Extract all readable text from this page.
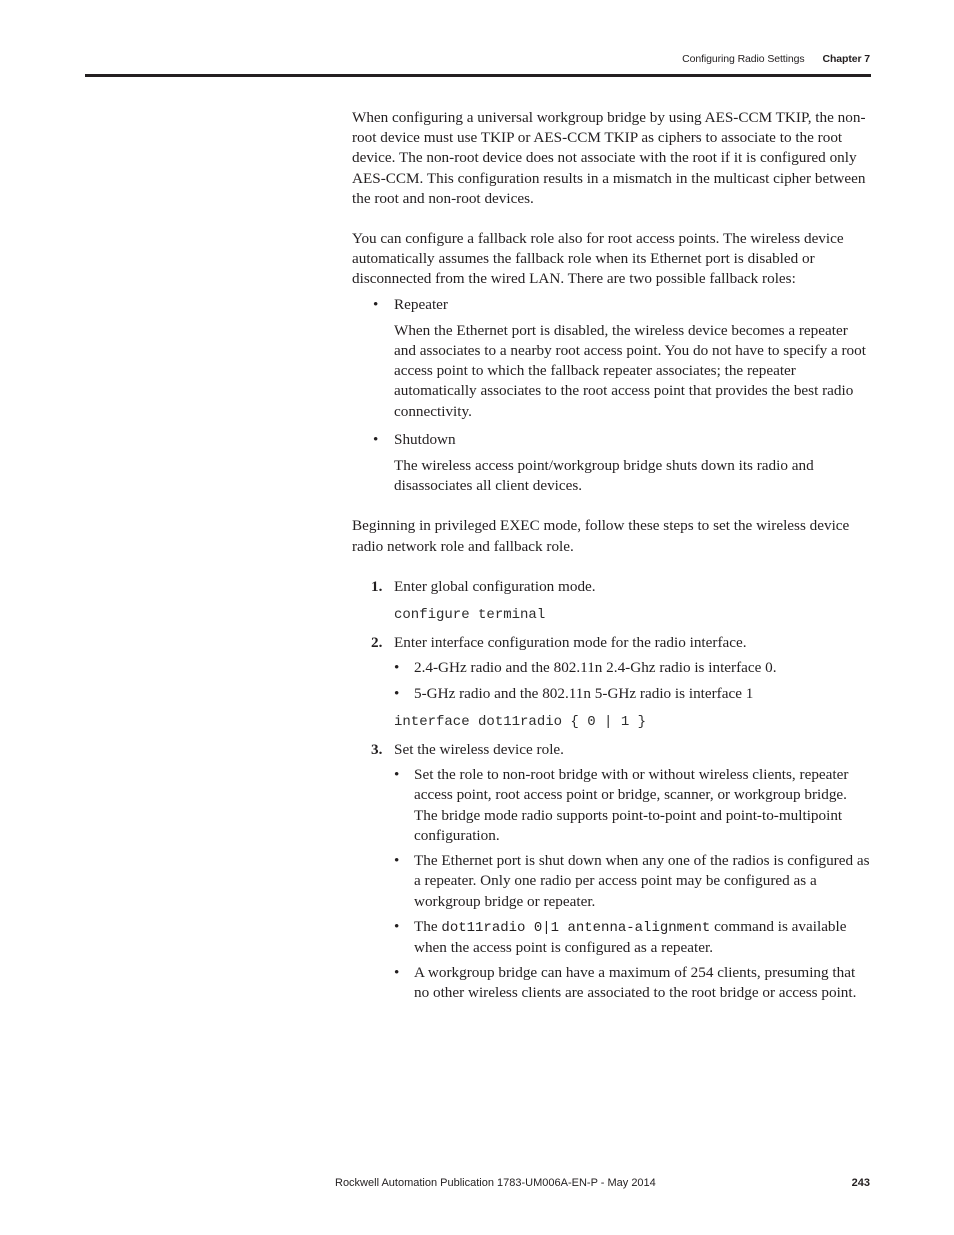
Configuring Radio Settings Chapter 7

When configuring a universal workgroup bridge by using AES-CCM TKIP, the non-root device must use TKIP or AES-CCM TKIP as ciphers to associate to the root device. The non-root device does not associate with the root if it is configured only AES-CCM. This configuration results in a mismatch in the multicast cipher between the root and non-root devices.

You can configure a fallback role also for root access points. The wireless device automatically assumes the fallback role when its Ethernet port is disabled or disconnected from the wired LAN. There are two possible fallback roles:

• Repeater

When the Ethernet port is disabled, the wireless device becomes a repeater and associates to a nearby root access point. You do not have to specify a root access point to which the fallback repeater associates; the repeater automatically associates to the root access point that provides the best radio connectivity.

• Shutdown

The wireless access point/workgroup bridge shuts down its radio and disassociates all client devices.

Beginning in privileged EXEC mode, follow these steps to set the wireless device radio network role and fallback role.

1. Enter global configuration mode.
configure terminal
2. Enter interface configuration mode for the radio interface.
• 2.4-GHz radio and the 802.11n 2.4-Ghz radio is interface 0.
• 5-GHz radio and the 802.11n 5-GHz radio is interface 1
interface dot11radio { 0 | 1 }
3. Set the wireless device role.
• Set the role to non-root bridge with or without wireless clients, repeater access point, root access point or bridge, scanner, or workgroup bridge. The bridge mode radio supports point-to-point and point-to-multipoint configuration.
• The Ethernet port is shut down when any one of the radios is configured as a repeater. Only one radio per access point may be configured as a workgroup bridge or repeater.
• The dot11radio 0|1 antenna-alignment command is available when the access point is configured as a repeater.
• A workgroup bridge can have a maximum of 254 clients, presuming that no other wireless clients are associated to the root bridge or access point.
Rockwell Automation Publication 1783-UM006A-EN-P - May 2014	243
